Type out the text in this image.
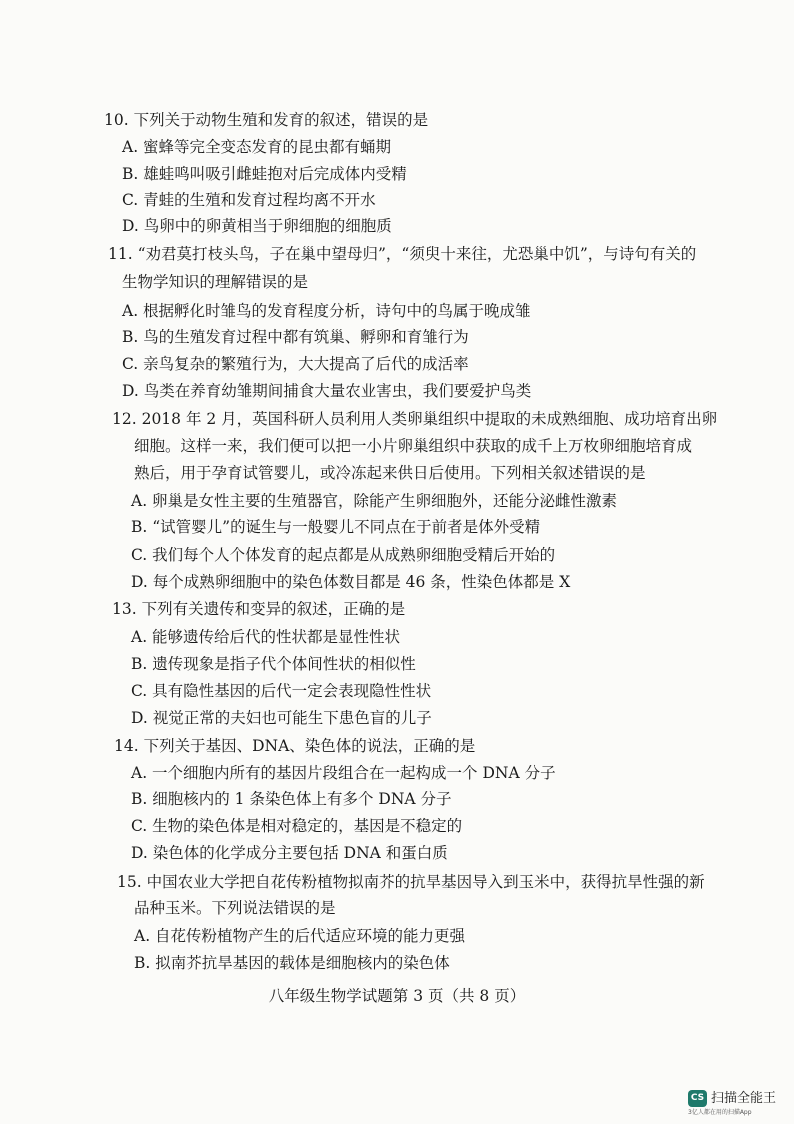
10. 下列关于动物生殖和发育的叙述，错误的是
A. 蜜蜂等完全变态发育的昆虫都有蛹期
B. 雄蛙鸣叫吸引雌蛙抱对后完成体内受精
C. 青蛙的生殖和发育过程均离不开水
D. 鸟卵中的卵黄相当于卵细胞的细胞质
11. “劝君莫打枝头鸟，子在巢中望母归”，“须臾十来往，尤恐巢中饥”，与诗句有关的
生物学知识的理解错误的是
A. 根据孵化时雏鸟的发育程度分析，诗句中的鸟属于晚成雏
B. 鸟的生殖发育过程中都有筑巢、孵卵和育雏行为
C. 亲鸟复杂的繁殖行为，大大提高了后代的成活率
D. 鸟类在养育幼雏期间捕食大量农业害虫，我们要爱护鸟类
12. 2018 年 2 月，英国科研人员利用人类卵巢组织中提取的未成熟细胞、成功培育出卵
细胞。这样一来，我们便可以把一小片卵巢组织中获取的成千上万枚卵细胞培育成
熟后，用于孕育试管婴儿，或冷冻起来供日后使用。下列相关叙述错误的是
A. 卵巢是女性主要的生殖器官，除能产生卵细胞外，还能分泌雌性激素
B. “试管婴儿”的诞生与一般婴儿不同点在于前者是体外受精
C. 我们每个人个体发育的起点都是从成熟卵细胞受精后开始的
D. 每个成熟卵细胞中的染色体数目都是 46 条，性染色体都是 X
13. 下列有关遗传和变异的叙述，正确的是
A. 能够遗传给后代的性状都是显性性状
B. 遗传现象是指子代个体间性状的相似性
C. 具有隐性基因的后代一定会表现隐性性状
D. 视觉正常的夫妇也可能生下患色盲的儿子
14. 下列关于基因、DNA、染色体的说法，正确的是
A. 一个细胞内所有的基因片段组合在一起构成一个 DNA 分子
B. 细胞核内的 1 条染色体上有多个 DNA 分子
C. 生物的染色体是相对稳定的，基因是不稳定的
D. 染色体的化学成分主要包括 DNA 和蛋白质
15. 中国农业大学把自花传粉植物拟南芥的抗旱基因导入到玉米中，获得抗旱性强的新
品种玉米。下列说法错误的是
A. 自花传粉植物产生的后代适应环境的能力更强
B. 拟南芥抗旱基因的载体是细胞核内的染色体
八年级生物学试题第 3 页（共 8 页）
CS 扫描全能王
3亿人都在用的扫描App
